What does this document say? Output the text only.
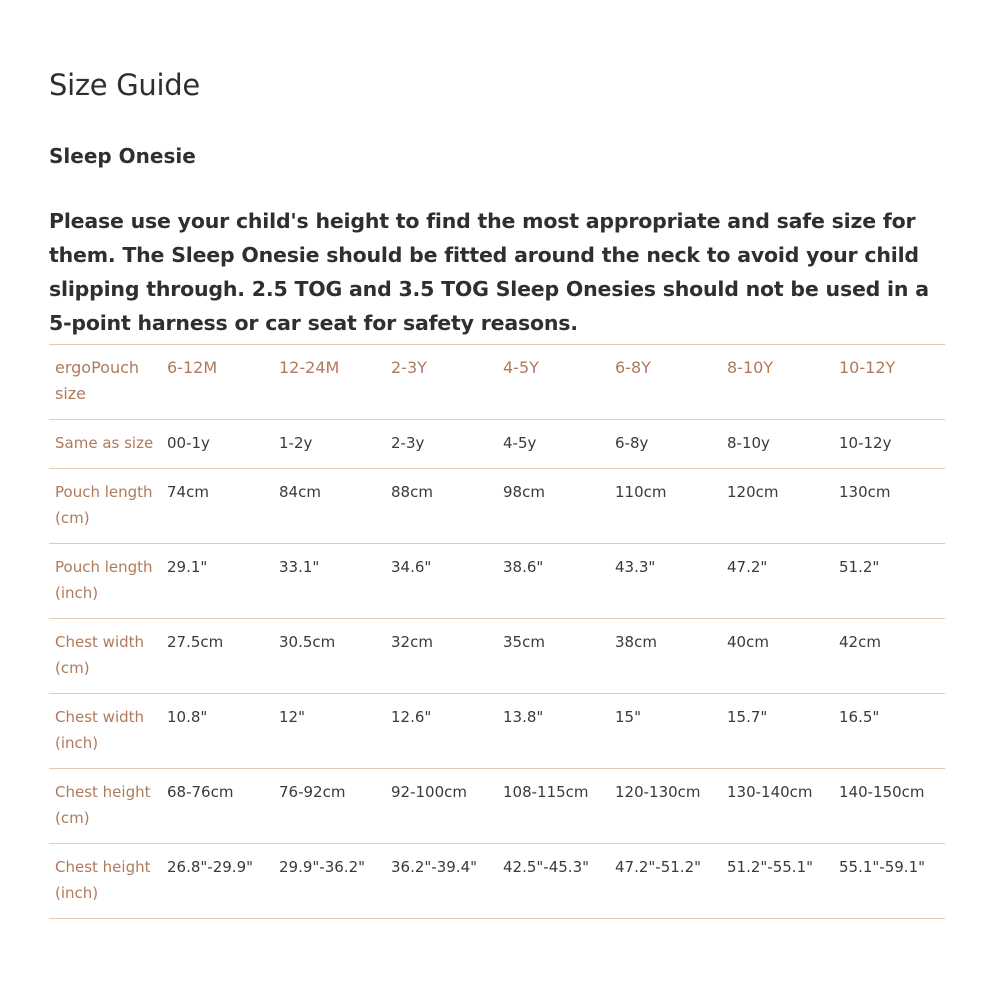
Size Guide
Sleep Onesie

Please use your child's height to find the most appropriate and safe size for them. The Sleep Onesie should be fitted around the neck to avoid your child slipping through. 2.5 TOG and 3.5 TOG Sleep Onesies should not be used in a 5-point harness or car seat for safety reasons.

ergoPouch size	6-12M	12-24M	2-3Y	4-5Y	6-8Y	8-10Y	10-12Y
Same as size	00-1y	1-2y	2-3y	4-5y	6-8y	8-10y	10-12y
Pouch length (cm)	74cm	84cm	88cm	98cm	110cm	120cm	130cm
Pouch length (inch)	29.1"	33.1"	34.6"	38.6"	43.3"	47.2"	51.2"
Chest width (cm)	27.5cm	30.5cm	32cm	35cm	38cm	40cm	42cm
Chest width (inch)	10.8"	12"	12.6"	13.8"	15"	15.7"	16.5"
Chest height (cm)	68-76cm	76-92cm	92-100cm	108-115cm	120-130cm	130-140cm	140-150cm
Chest height (inch)	26.8"-29.9"	29.9"-36.2"	36.2"-39.4"	42.5"-45.3"	47.2"-51.2"	51.2"-55.1"	55.1"-59.1"
